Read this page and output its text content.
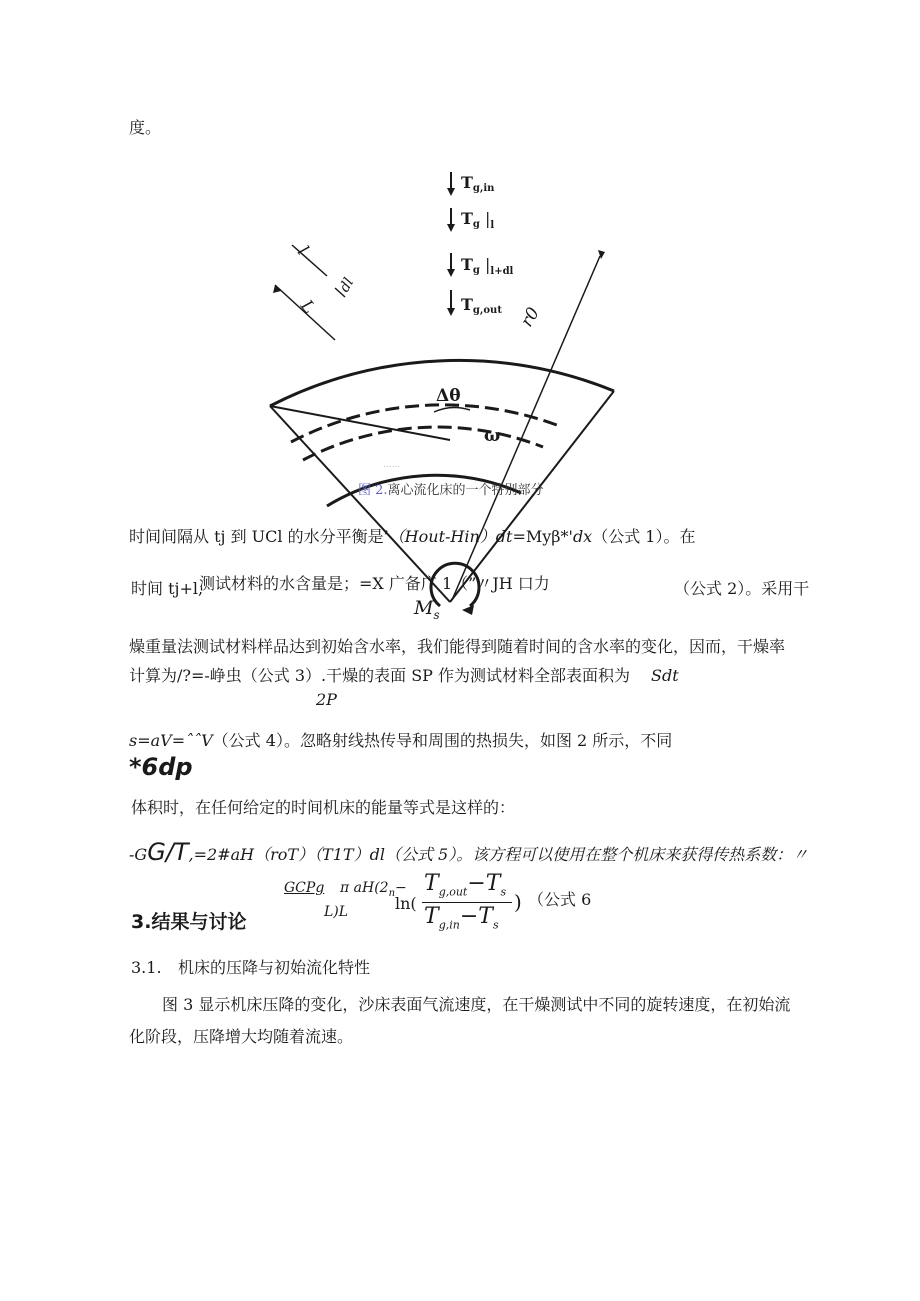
度。
Tg,in
Tg $|_l$
Tg $|_{l+dl}$
Tg,out
l
L
dl
r0
Δθ
ω
......
图 2.离心流化床的一个特别部分
时间间隔从 tj 到 UCl 的水分平衡是’（Hout-Hin）dt=Myβ*'dx（公式 1）。在
时间 tj+l,
测试材料的水含量是；=X 广备广 1（”〃JH 口力	（公式 2）。采用干
$M_s$
燥重量法测试材料样品达到初始含水率，我们能得到随着时间的含水率的变化，因而，干燥率
计算为/?=-峥虫（公式 3）.干燥的表面 SP 作为测试材料全部表面积为 Sdt
2P
s=aV=ˆˆV（公式 4）。忽略射线热传导和周围的热损失，如图 2 所示，不同
*6dp
体积时，在任何给定的时间机床的能量等式是这样的：
-GG/T,=2#aH（roT）（T1T）dl（公式 5）。该方程可以使用在整个机床来获得传热系数：〃
GCPg π $aH(2_n-$
L)L	ln(
$T_{g,out}-T_s$
$T_{g,in}-T_s$
) （公式 6
3.结果与讨论
3.1. 机床的压降与初始流化特性
图 3 显示机床压降的变化，沙床表面气流速度，在干燥测试中不同的旋转速度，在初始流
化阶段，压降增大均随着流速。
